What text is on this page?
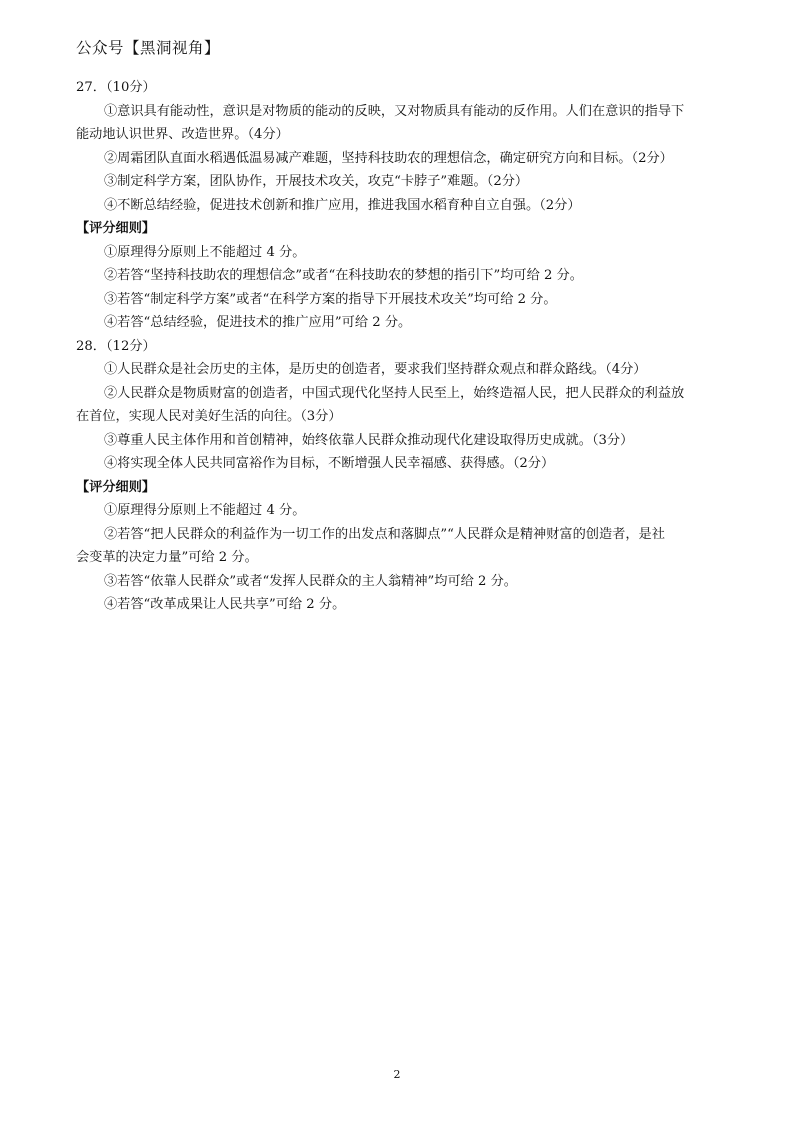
公众号【黑洞视角】
27．（10分）
①意识具有能动性，意识是对物质的能动的反映，又对物质具有能动的反作用。人们在意识的指导下
能动地认识世界、改造世界。（4分）
②周霜团队直面水稻遇低温易减产难题，坚持科技助农的理想信念，确定研究方向和目标。（2分）
③制定科学方案，团队协作，开展技术攻关，攻克“卡脖子”难题。（2分）
④不断总结经验，促进技术创新和推广应用，推进我国水稻育种自立自强。（2分）
【评分细则】
①原理得分原则上不能超过 4 分。
②若答“坚持科技助农的理想信念”或者“在科技助农的梦想的指引下”均可给 2 分。
③若答“制定科学方案”或者“在科学方案的指导下开展技术攻关”均可给 2 分。
④若答“总结经验，促进技术的推广应用”可给 2 分。
28．（12分）
①人民群众是社会历史的主体，是历史的创造者，要求我们坚持群众观点和群众路线。（4分）
②人民群众是物质财富的创造者，中国式现代化坚持人民至上，始终造福人民，把人民群众的利益放
在首位，实现人民对美好生活的向往。（3分）
③尊重人民主体作用和首创精神，始终依靠人民群众推动现代化建设取得历史成就。（3分）
④将实现全体人民共同富裕作为目标，不断增强人民幸福感、获得感。（2分）
【评分细则】
①原理得分原则上不能超过 4 分。
②若答“把人民群众的利益作为一切工作的出发点和落脚点”“人民群众是精神财富的创造者，是社
会变革的决定力量”可给 2 分。
③若答“依靠人民群众”或者“发挥人民群众的主人翁精神”均可给 2 分。
④若答“改革成果让人民共享”可给 2 分。
2
